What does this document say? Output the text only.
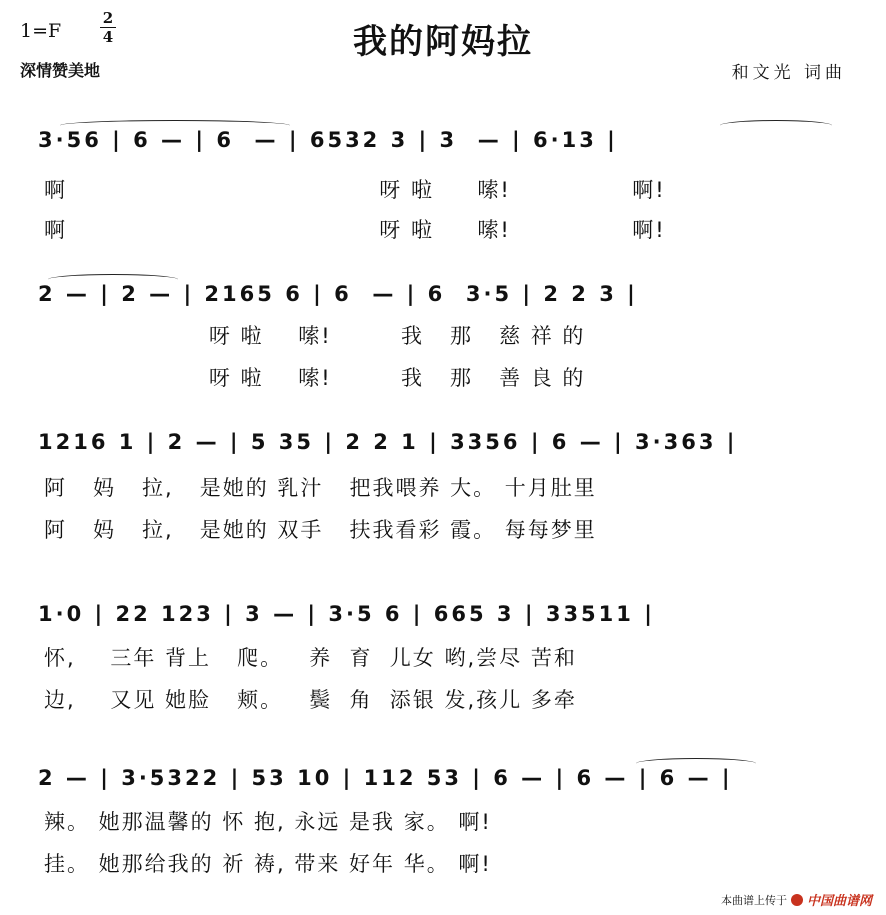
1=F
2
4	我的阿妈拉
深情赞美地	和文光 词曲
3·56 | 6 — | 6  — | 6532 3 | 3  — | 6·13 |
啊                                    呀 啦     嗦!              啊!
啊                                    呀 啦     嗦!              啊!
2 — | 2 — | 2165 6 | 6  — | 6  3·5 | 2 2 3 |
呀 啦    嗦!        我   那   慈 祥 的
呀 啦    嗦!        我   那   善 良 的
1216 1 | 2 — | 5 35 | 2 2 1 | 3356 | 6 — | 3·363 |
阿   妈   拉,   是她的 乳汁   把我喂养 大。 十月肚里
阿   妈   拉,   是她的 双手   扶我看彩 霞。 每每梦里
1·0 | 22 123 | 3 — | 3·5 6 | 665 3 | 33511 |
怀,    三年 背上   爬。   养  育  儿女 哟,尝尽 苦和
边,    又见 她脸   颊。   鬓  角  添银 发,孩儿 多牵
2 — | 3·5322 | 53 10 | 112 53 | 6 — | 6 — | 6 — |
辣。 她那温馨的 怀 抱, 永远 是我 家。 啊!
挂。 她那给我的 祈 祷, 带来 好年 华。 啊!
本曲谱上传于 中国曲谱网
